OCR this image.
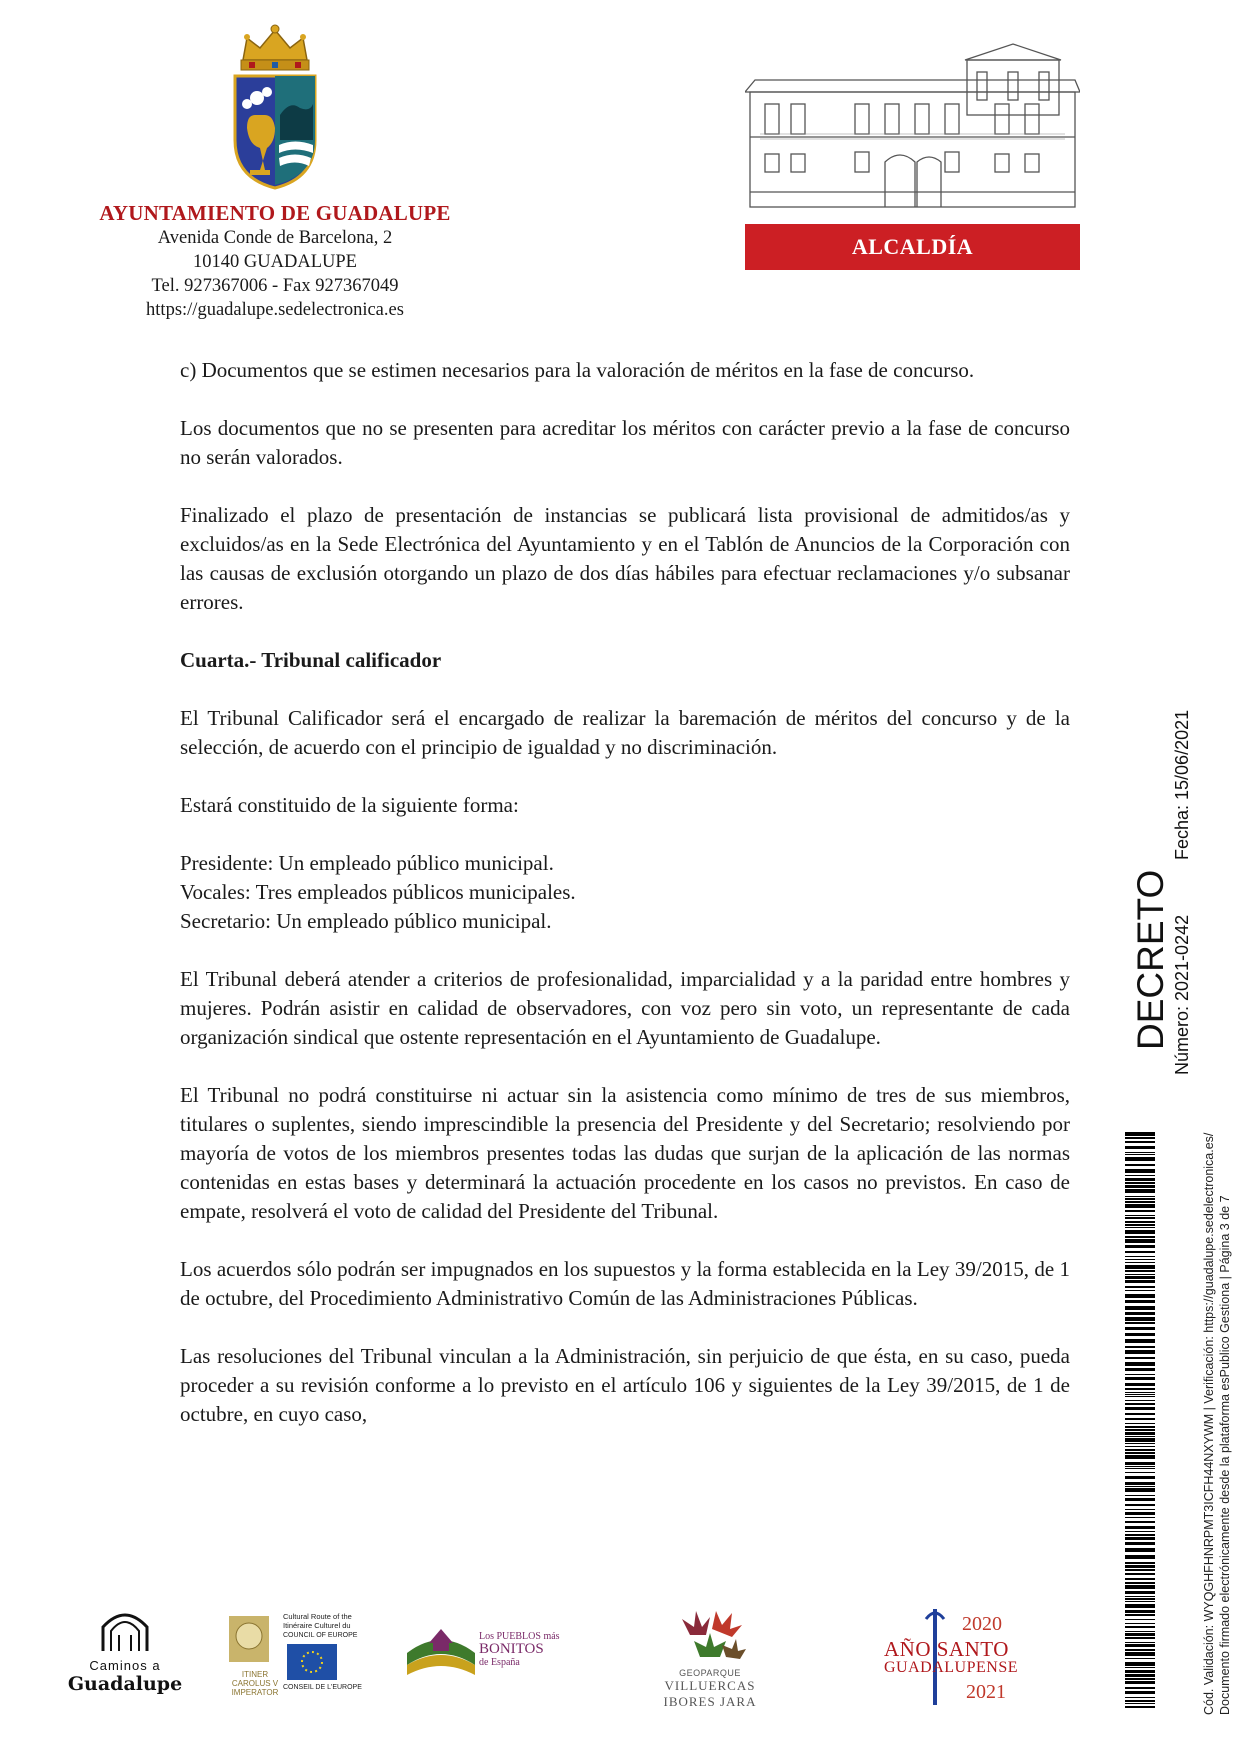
AYUNTAMIENTO DE GUADALUPE
Avenida Conde de Barcelona, 2
10140 GUADALUPE
Tel. 927367006 - Fax 927367049
https://guadalupe.sedelectronica.es
ALCALDÍA

c) Documentos que se estimen necesarios para la valoración de méritos en la fase de concurso.

Los documentos que no se presenten para acreditar los méritos con carácter previo a la fase de concurso no serán valorados.

Finalizado el plazo de presentación de instancias se publicará lista provisional de admitidos/as y excluidos/as en la Sede Electrónica del Ayuntamiento y en el Tablón de Anuncios de la Corporación con las causas de exclusión otorgando un plazo de dos días hábiles para efectuar reclamaciones y/o subsanar errores.

Cuarta.- Tribunal calificador

El Tribunal Calificador será el encargado de realizar la baremación de méritos del concurso y de la selección, de acuerdo con el principio de igualdad y no discriminación.

Estará constituido de la siguiente forma:

Presidente: Un empleado público municipal.

Vocales: Tres empleados públicos municipales.

Secretario: Un empleado público municipal.

El Tribunal deberá atender a criterios de profesionalidad, imparcialidad y a la paridad entre hombres y mujeres. Podrán asistir en calidad de observadores, con voz pero sin voto, un representante de cada organización sindical que ostente representación en el Ayuntamiento de Guadalupe.

El Tribunal no podrá constituirse ni actuar sin la asistencia como mínimo de tres de sus miembros, titulares o suplentes, siendo imprescindible la presencia del Presidente y del Secretario; resolviendo por mayoría de votos de los miembros presentes todas las dudas que surjan de la aplicación de las normas contenidas en estas bases y determinará la actuación procedente en los casos no previstos. En caso de empate, resolverá el voto de calidad del Presidente del Tribunal.

Los acuerdos sólo podrán ser impugnados en los supuestos y la forma establecida en la Ley 39/2015, de 1 de octubre, del Procedimiento Administrativo Común de las Administraciones Públicas.

Las resoluciones del Tribunal vinculan a la Administración, sin perjuicio de que ésta, en su caso, pueda proceder a su revisión conforme a lo previsto en el artículo 106 y siguientes de la Ley 39/2015, de 1 de octubre, en cuyo caso,	Cód. Validación: WYQGHFHNRPMT3ICFH44NXYWM | Verificación: https://guadalupe.sedelectronica.es/ Documento firmado electrónicamente desde la plataforma esPublico Gestiona | Página 3 de 7
DECRETO Número: 2021-0242
Fecha: 15/06/2021
Caminos a
Guadalupe	ITINER CAROLUS V IMPERATOR
Cultural Route of the Itinéraire Culturel du
COUNCIL OF EUROPE
CONSEIL DE L'EUROPE
Los PUEBLOS más
BONITOS
de España
GEOPARQUE
VILLUERCAS
IBORES JARA
2020
AÑO SANTO
GUADALUPENSE
2021
